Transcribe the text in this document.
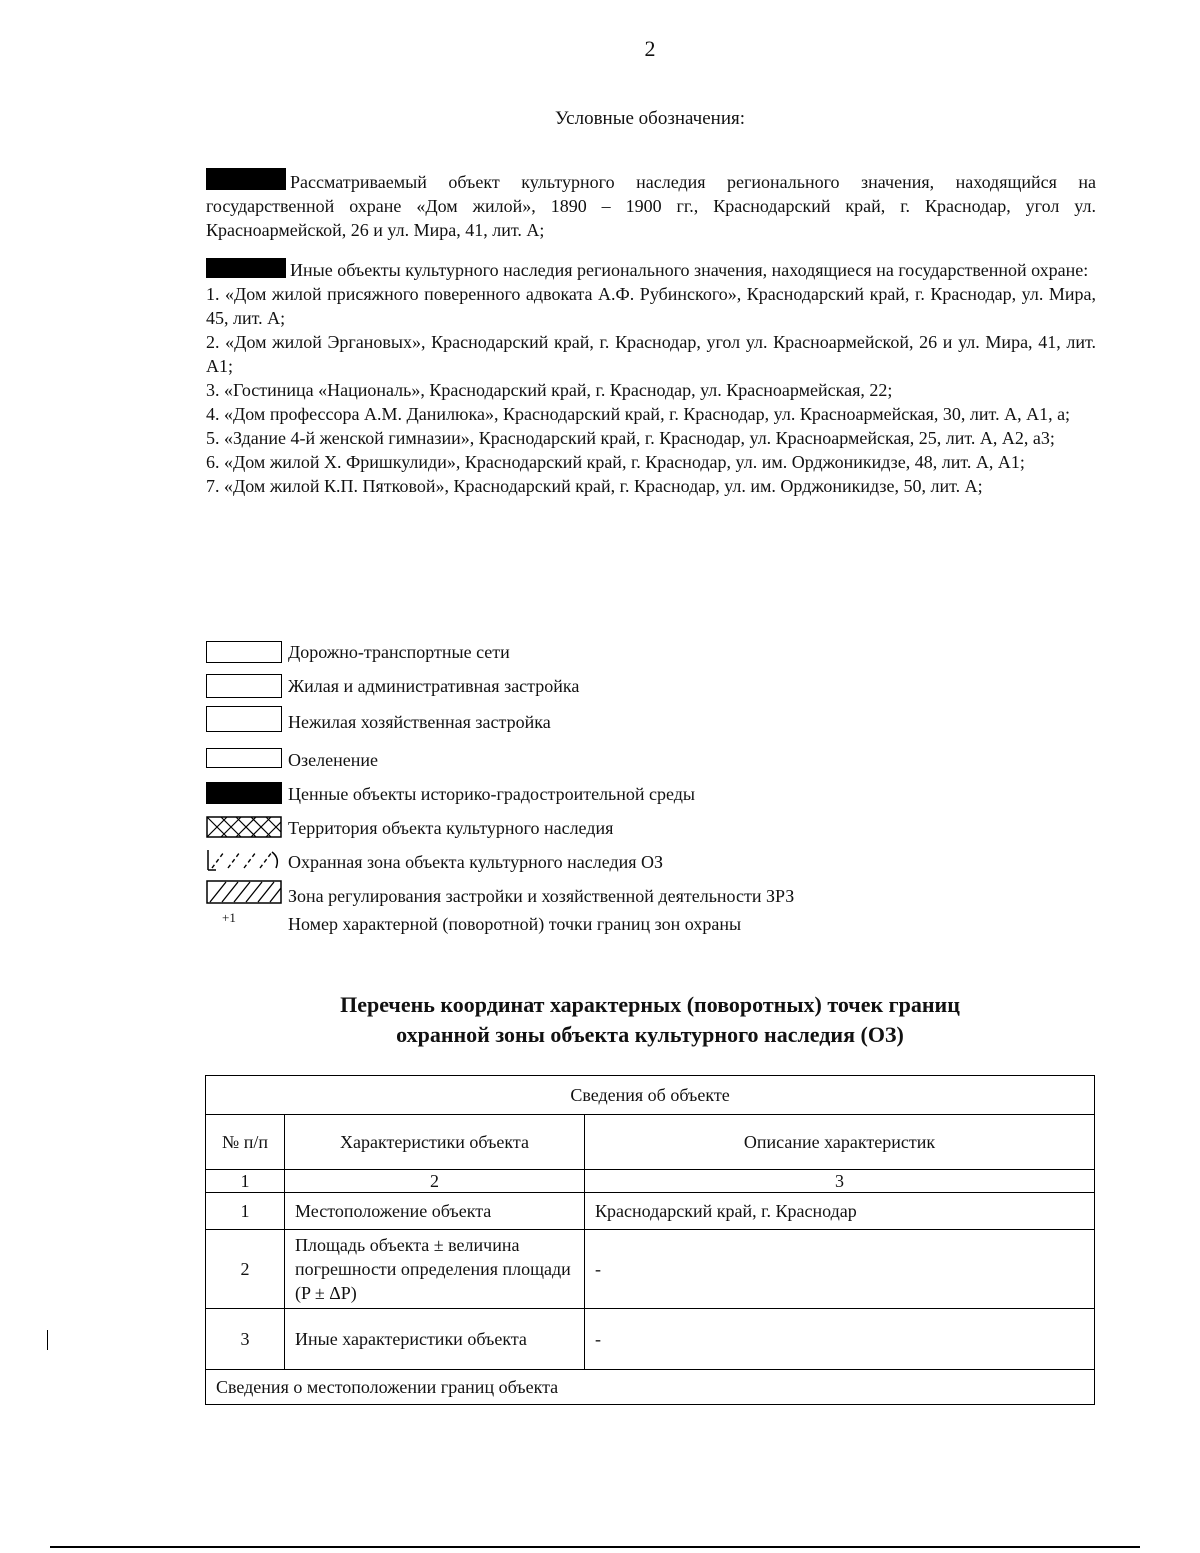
2
Условные обозначения:
Рассматриваемый объект культурного наследия регионального значения, находящийся на государственной охране «Дом жилой», 1890 – 1900 гг., Краснодарский край, г. Краснодар, угол ул. Красноармейской, 26 и ул. Мира, 41, лит. А;
Иные объекты культурного наследия регионального значения, находящиеся на государственной охране:
1. «Дом жилой присяжного поверенного адвоката А.Ф. Рубинского», Краснодарский край, г. Краснодар, ул. Мира, 45, лит. А;
2. «Дом жилой Эргановых», Краснодарский край, г. Краснодар, угол ул. Красноармейской, 26 и ул. Мира, 41, лит. А1;
3. «Гостиница «Националь», Краснодарский край, г. Краснодар, ул. Красноармейская, 22;
4. «Дом профессора А.М. Данилюка», Краснодарский край, г. Краснодар, ул. Красноармейская, 30, лит. А, А1, а;
5. «Здание 4-й женской гимназии», Краснодарский край, г. Краснодар, ул. Красноармейская, 25, лит. А, А2, а3;
6. «Дом жилой Х. Фришкулиди», Краснодарский край, г. Краснодар, ул. им. Орджоникидзе, 48, лит. А, А1;
7. «Дом жилой К.П. Пятковой», Краснодарский край, г. Краснодар, ул. им. Орджоникидзе, 50, лит. А;
Дорожно-транспортные сети
Жилая и административная застройка
Нежилая хозяйственная застройка
Озеленение
Ценные объекты историко-градостроительной среды
Территория объекта культурного наследия
Охранная зона объекта культурного наследия ОЗ
Зона регулирования застройки и хозяйственной деятельности ЗРЗ
+1	Номер характерной (поворотной) точки границ зон охраны
Перечень координат характерных (поворотных) точек границ
охранной зоны объекта культурного наследия (ОЗ)
Сведения об объекте		
№ п/п	Характеристики объекта	Описание характеристик
1	2	3
1	Местоположение объекта	Краснодарский край, г. Краснодар
2	Площадь объекта ± величина погрешности определения площади (P ± ΔP)	-
3	Иные характеристики объекта	-
Сведения о местоположении границ объекта		
